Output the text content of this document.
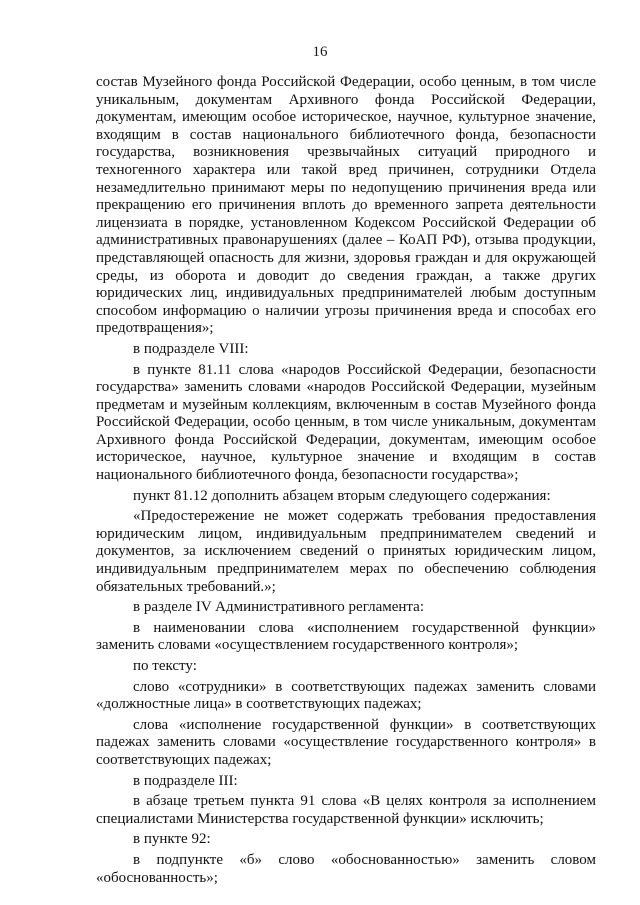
16

состав Музейного фонда Российской Федерации, особо ценным, в том числе уникальным, документам Архивного фонда Российской Федерации, документам, имеющим особое историческое, научное, культурное значение, входящим в состав национального библиотечного фонда, безопасности государства, возникновения чрезвычайных ситуаций природного и техногенного характера или такой вред причинен, сотрудники Отдела незамедлительно принимают меры по недопущению причинения вреда или прекращению его причинения вплоть до временного запрета деятельности лицензиата в порядке, установленном Кодексом Российской Федерации об административных правонарушениях (далее – КоАП РФ), отзыва продукции, представляющей опасность для жизни, здоровья граждан и для окружающей среды, из оборота и доводит до сведения граждан, а также других юридических лиц, индивидуальных предпринимателей любым доступным способом информацию о наличии угрозы причинения вреда и способах его предотвращения»;

в подразделе VIII:

в пункте 81.11 слова «народов Российской Федерации, безопасности государства» заменить словами «народов Российской Федерации, музейным предметам и музейным коллекциям, включенным в состав Музейного фонда Российской Федерации, особо ценным, в том числе уникальным, документам Архивного фонда Российской Федерации, документам, имеющим особое историческое, научное, культурное значение и входящим в состав национального библиотечного фонда, безопасности государства»;

пункт 81.12 дополнить абзацем вторым следующего содержания:

«Предостережение не может содержать требования предоставления юридическим лицом, индивидуальным предпринимателем сведений и документов, за исключением сведений о принятых юридическим лицом, индивидуальным предпринимателем мерах по обеспечению соблюдения обязательных требований.»;

в разделе IV Административного регламента:

в наименовании слова «исполнением государственной функции» заменить словами «осуществлением государственного контроля»;

по тексту:

слово «сотрудники» в соответствующих падежах заменить словами «должностные лица» в соответствующих падежах;

слова «исполнение государственной функции» в соответствующих падежах заменить словами «осуществление государственного контроля» в соответствующих падежах;

в подразделе III:

в абзаце третьем пункта 91 слова «В целях контроля за исполнением специалистами Министерства государственной функции» исключить;

в пункте 92:

в подпункте «б» слово «обоснованностью» заменить словом «обоснованность»;
